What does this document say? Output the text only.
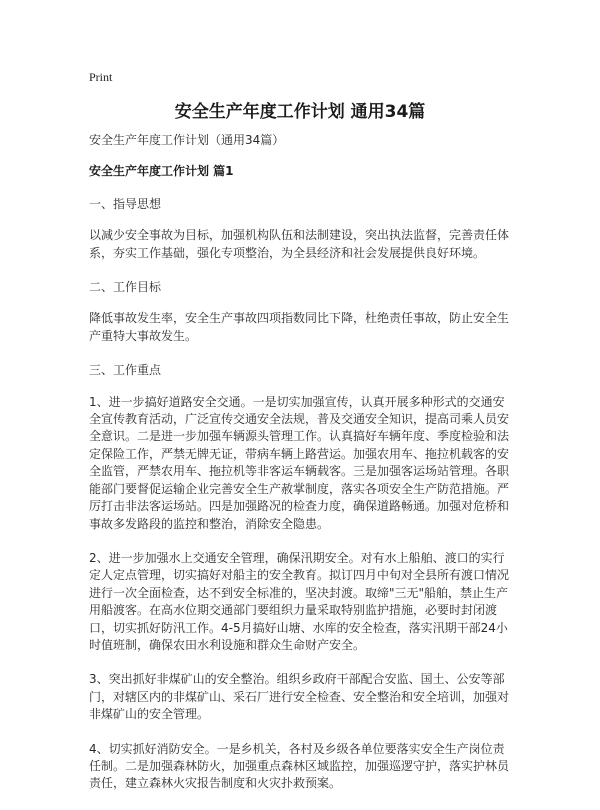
Print
安全生产年度工作计划 通用34篇

安全生产年度工作计划（通用34篇）

安全生产年度工作计划 篇1

一、指导思想

以减少安全事故为目标，加强机构队伍和法制建设，突出执法监督，完善责任体系，夯实工作基础，强化专项整治，为全县经济和社会发展提供良好环境。

二、工作目标

降低事故发生率，安全生产事故四项指数同比下降，杜绝责任事故，防止安全生产重特大事故发生。

三、工作重点

1、进一步搞好道路安全交通。一是切实加强宣传，认真开展多种形式的交通安全宣传教育活动，广泛宣传交通安全法规，普及交通安全知识，提高司乘人员安全意识。二是进一步加强车辆源头管理工作。认真搞好车辆年度、季度检验和法定保险工作，严禁无牌无证，带病车辆上路营运。加强农用车、拖拉机载客的安全监管，严禁农用车、拖拉机等非客运车辆载客。三是加强客运场站管理。各职能部门要督促运输企业完善安全生产赦掌制度，落实各项安全生产防范措施。严厉打击非法客运场站。四是加强路况的检查力度，确保道路畅通。加强对危桥和事故多发路段的监控和整治，消除安全隐患。

2、进一步加强水上交通安全管理，确保汛期安全。对有水上船舶、渡口的实行定人定点管理，切实搞好对船主的安全教育。拟订四月中旬对全县所有渡口情况进行一次全面检查，达不到安全标准的，坚决封渡。取缔"三无"船舶，禁止生产用船渡客。在高水位期交通部门要组织力量采取特别监护措施，必要时封闭渡口，切实抓好防汛工作。4-5月搞好山塘、水库的安全检查，落实汛期干部24小时值班制，确保农田水利设施和群众生命财产安全。

3、突出抓好非煤矿山的安全整治。组织乡政府干部配合安监、国土、公安等部门，对辖区内的非煤矿山、采石厂进行安全检查、安全整治和安全培训，加强对非煤矿山的安全管理。

4、切实抓好消防安全。一是乡机关，各村及乡级各单位要落实安全生产岗位责任制。二是加强森林防火，加强重点森林区域监控，加强巡逻守护，落实护林员责任，建立森林火灾报告制度和火灾扑救预案。
